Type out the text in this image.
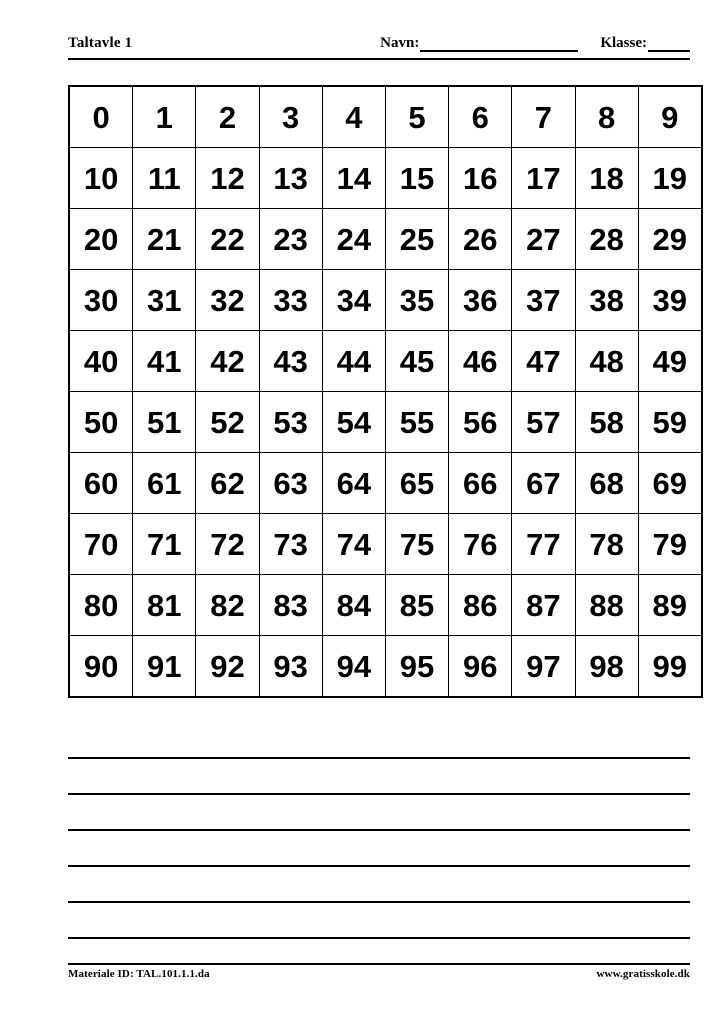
Taltavle 1	Navn:	Klasse:
0	1	2	3	4	5	6	7	8	9
10	11	12	13	14	15	16	17	18	19
20	21	22	23	24	25	26	27	28	29
30	31	32	33	34	35	36	37	38	39
40	41	42	43	44	45	46	47	48	49
50	51	52	53	54	55	56	57	58	59
60	61	62	63	64	65	66	67	68	69
70	71	72	73	74	75	76	77	78	79
80	81	82	83	84	85	86	87	88	89
90	91	92	93	94	95	96	97	98	99
Materiale ID: TAL.101.1.1.da	www.gratisskole.dk
